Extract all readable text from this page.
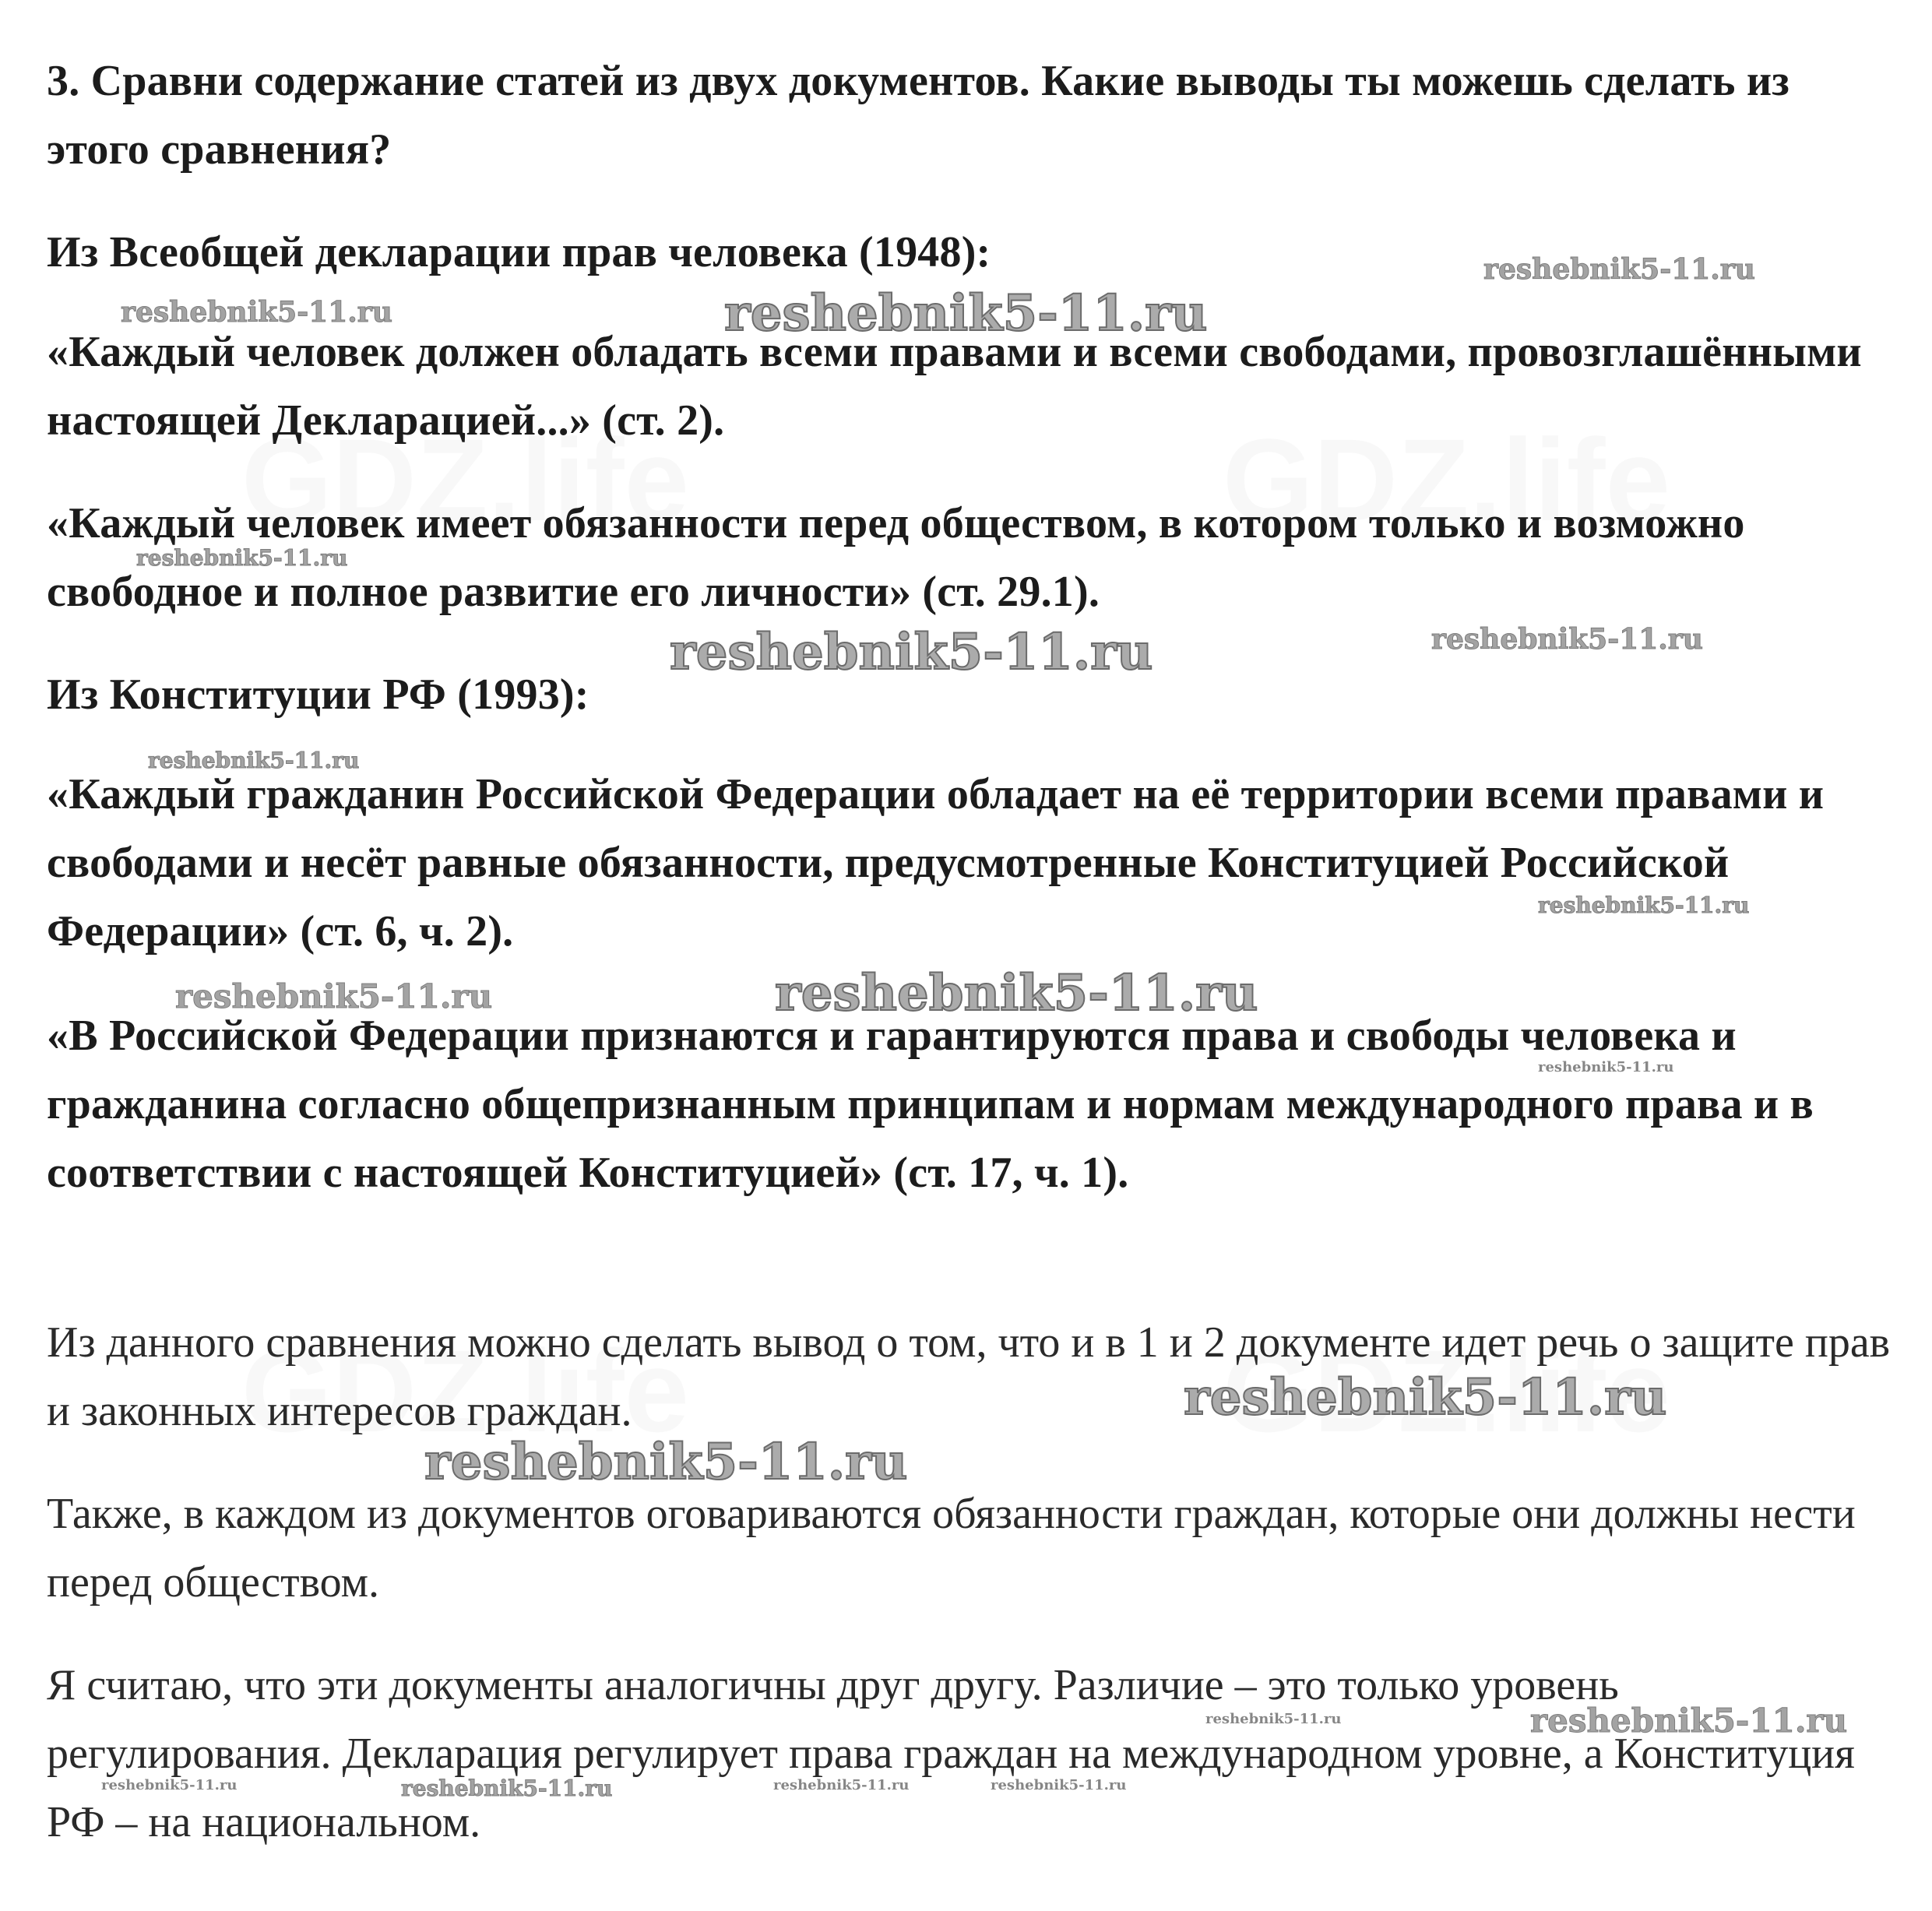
3. Сравни содержание статей из двух документов. Какие выводы ты можешь сделать из этого сравнения?

Из Всеобщей декларации прав человека (1948):

«Каждый человек должен обладать всеми правами и всеми свободами, провозглашёнными настоящей Декларацией...» (ст. 2).

«Каждый человек имеет обязанности перед обществом, в котором только и возможно свободное и полное развитие его личности» (ст. 29.1).

Из Конституции РФ (1993):

«Каждый гражданин Российской Федерации обладает на её территории всеми правами и свободами и несёт равные обязанности, предусмотренные Конституцией Российской Федерации» (ст. 6, ч. 2).

«В Российской Федерации признаются и гарантируются права и свободы человека и гражданина согласно общепризнанным принципам и нормам международного права и в соответствии с настоящей Конституцией» (ст. 17, ч. 1).

Из данного сравнения можно сделать вывод о том, что и в 1 и 2 документе идет речь о защите прав и законных интересов граждан.

Также, в каждом из документов оговариваются обязанности граждан, которые они должны нести перед обществом.

Я считаю, что эти документы аналогичны друг другу. Различие – это только уровень регулирования. Декларация регулирует права граждан на международном уровне, а Конституция РФ – на национальном.

reshebnik5-11.ru
reshebnik5-11.ru	reshebnik5-11.ru
reshebnik5-11.ru
reshebnik5-11.ru	reshebnik5-11.ru
reshebnik5-11.ru
reshebnik5-11.ru
reshebnik5-11.ru	reshebnik5-11.ru
reshebnik5-11.ru
reshebnik5-11.ru
reshebnik5-11.ru
reshebnik5-11.ru	reshebnik5-11.ru
reshebnik5-11.ru	reshebnik5-11.ru	reshebnik5-11.ru	reshebnik5-11.ru
